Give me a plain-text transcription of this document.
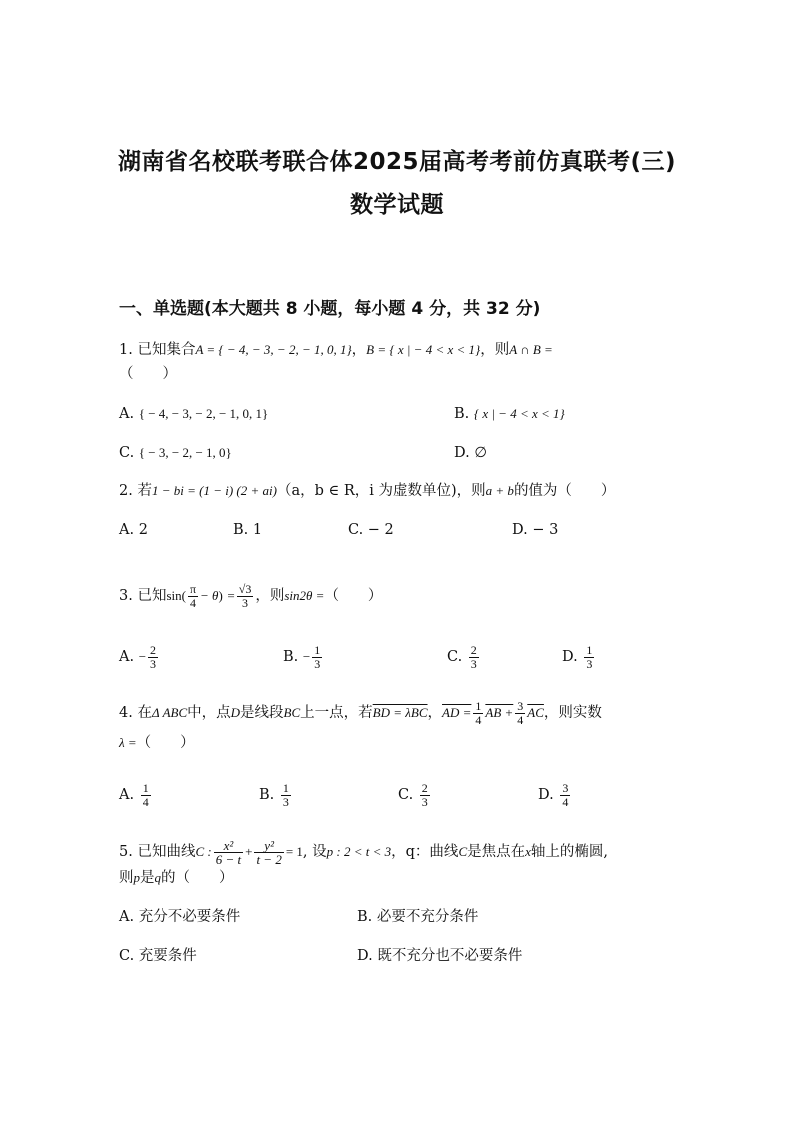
湖南省名校联考联合体2025届高考考前仿真联考(三)
数学试题
一、单选题(本大题共 8 小题，每小题 4 分，共 32 分)
1. 已知集合A = { − 4, − 3, − 2, − 1, 0, 1}，B = { x | − 4 < x < 1}，则A ∩ B =
（　　）
A. { − 4, − 3, − 2, − 1, 0, 1}	B. { x | − 4 < x < 1}
C. { − 3, − 2, − 1, 0}	D. ∅
2. 若1 − bi = (1 − i) (2 + ai)（a，b ∈ R，i 为虚数单位)，则a + b的值为（　　）
A. 2	B. 1	C. − 2	D. − 3
3. 已知$\sin( \frac{\pi}{4} - \theta) = \frac{√3}{3}$ ，则sin2θ =（　　）
A. − $\frac{2}{3}$	B. − $\frac{1}{3}$	C. $\frac{2}{3}$	D. $\frac{1}{3}$
4. 在Δ ABC中，点D是线段BC上一点，若BD = λBC，AD = $\frac{1}{4}$ AB + $\frac{3}{4} \overline{AC}$，则实数
λ =（　　）
A. $\frac{1}{4}$	B. $\frac{1}{3}$	C. $\frac{2}{3}$	D. $\frac{3}{4}$
5. 已知曲线C : $\frac{\text{x²}}{6 - t} + \frac{\text{y²}}{t - 2} = 1$, 设p : 2 < t < 3，q：曲线C是焦点在x轴上的椭圆,
则p是q的（　　）
A. 充分不必要条件	B. 必要不充分条件
C. 充要条件	D. 既不充分也不必要条件
